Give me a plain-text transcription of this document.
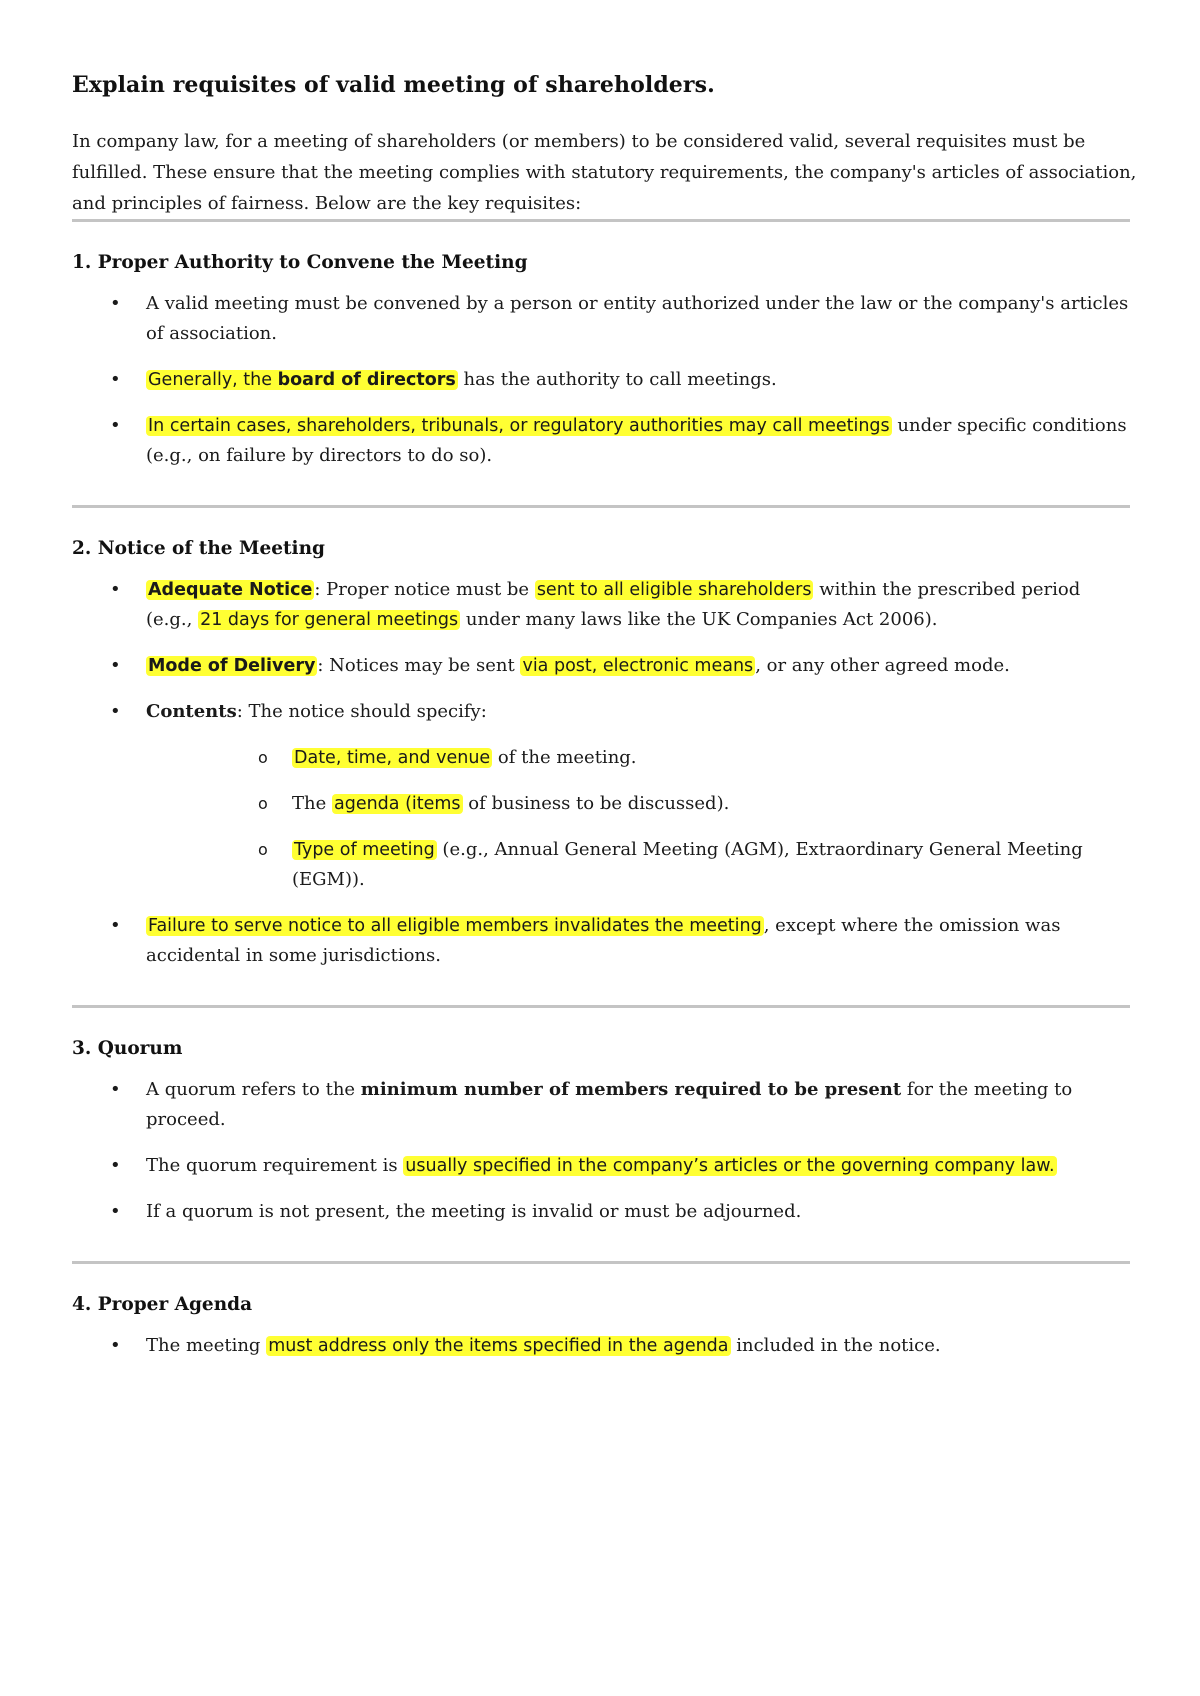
Explain requisites of valid meeting of shareholders.

In company law, for a meeting of shareholders (or members) to be considered valid, several requisites must be fulfilled. These ensure that the meeting complies with statutory requirements, the company's articles of association, and principles of fairness. Below are the key requisites:

1. Proper Authority to Convene the Meeting
• A valid meeting must be convened by a person or entity authorized under the law or the company's articles of association.
• Generally, the board of directors has the authority to call meetings.
• In certain cases, shareholders, tribunals, or regulatory authorities may call meetings under specific conditions (e.g., on failure by directors to do so).
2. Notice of the Meeting
• Adequate Notice : Proper notice must be sent to all eligible shareholders within the prescribed period (e.g., 21 days for general meetings under many laws like the UK Companies Act 2006).
• Mode of Delivery : Notices may be sent via post, electronic means , or any other agreed mode.
• Contents: The notice should specify:
o Date, time, and venue of the meeting.
o The agenda (items of business to be discussed).
o Type of meeting (e.g., Annual General Meeting (AGM), Extraordinary General Meeting (EGM)).
• Failure to serve notice to all eligible members invalidates the meeting , except where the omission was accidental in some jurisdictions.
3. Quorum
• A quorum refers to the minimum number of members required to be present for the meeting to proceed.
• The quorum requirement is usually specified in the company’s articles or the governing company law.
• If a quorum is not present, the meeting is invalid or must be adjourned.
4. Proper Agenda
• The meeting must address only the items specified in the agenda included in the notice.
